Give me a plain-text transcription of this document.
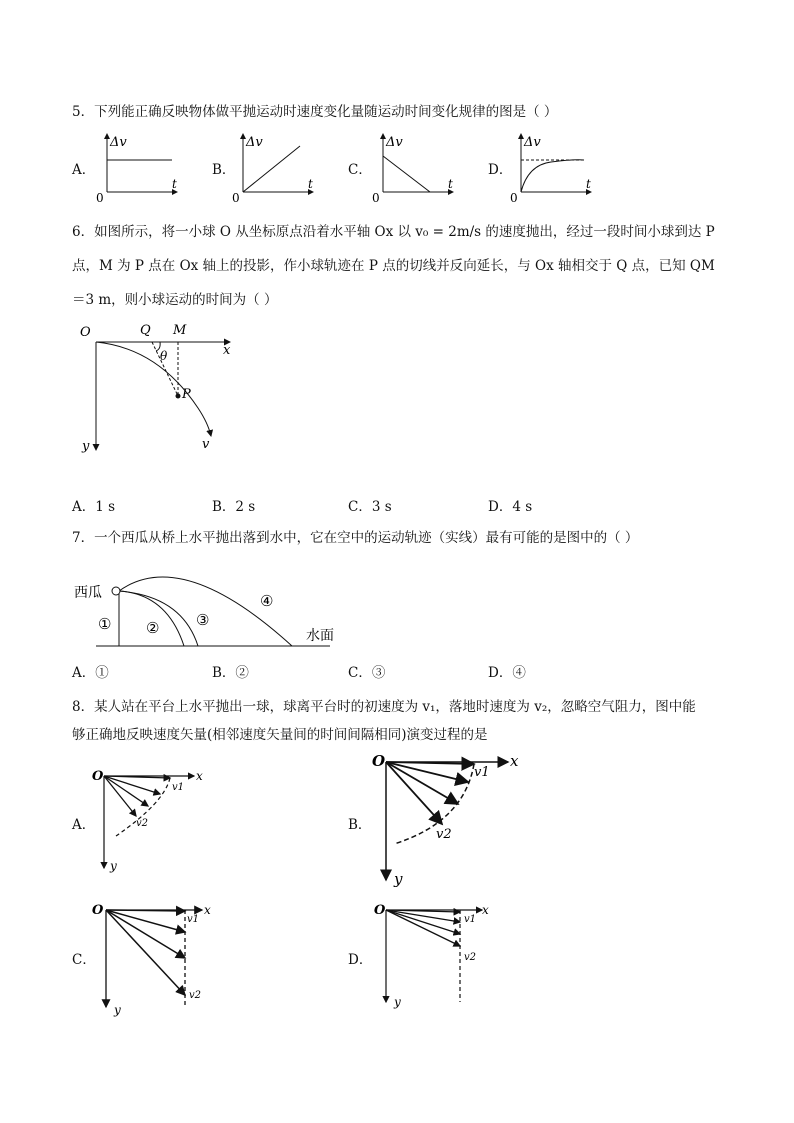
5．下列能正确反映物体做平抛运动时速度变化量随运动时间变化规律的图是（ ）
A．	B．	C．	D．
Δv
t
0
Δv
t
0
Δv
t
0
Δv
t
0
6．如图所示，将一小球 O 从坐标原点沿着水平轴 Ox 以 v₀ = 2m/s 的速度抛出，经过一段时间小球到达 P
点，M 为 P 点在 Ox 轴上的投影，作小球轨迹在 P 点的切线并反向延长，与 Ox 轴相交于 Q 点，已知 QM
＝3 m，则小球运动的时间为（ ）
O	Q M
x
θ
P
y	v
A．1 s	B．2 s	C．3 s	D．4 s
7．一个西瓜从桥上水平抛出落到水中，它在空中的运动轨迹（实线）最有可能的是图中的（ ）
西瓜
水面
① ② ③
④
A．①	B．②	C．③	D．④
8．某人站在平台上水平抛出一球，球离平台时的初速度为 v₁，落地时速度为 v₂，忽略空气阻力，图中能
够正确地反映速度矢量(相邻速度矢量间的时间间隔相同)演变过程的是
A．	B．
C．	D．
O	x
y
v1
v2
O	x
y
v1
v2
O	x
y
v1
v2
O	x
y
v1
v2
